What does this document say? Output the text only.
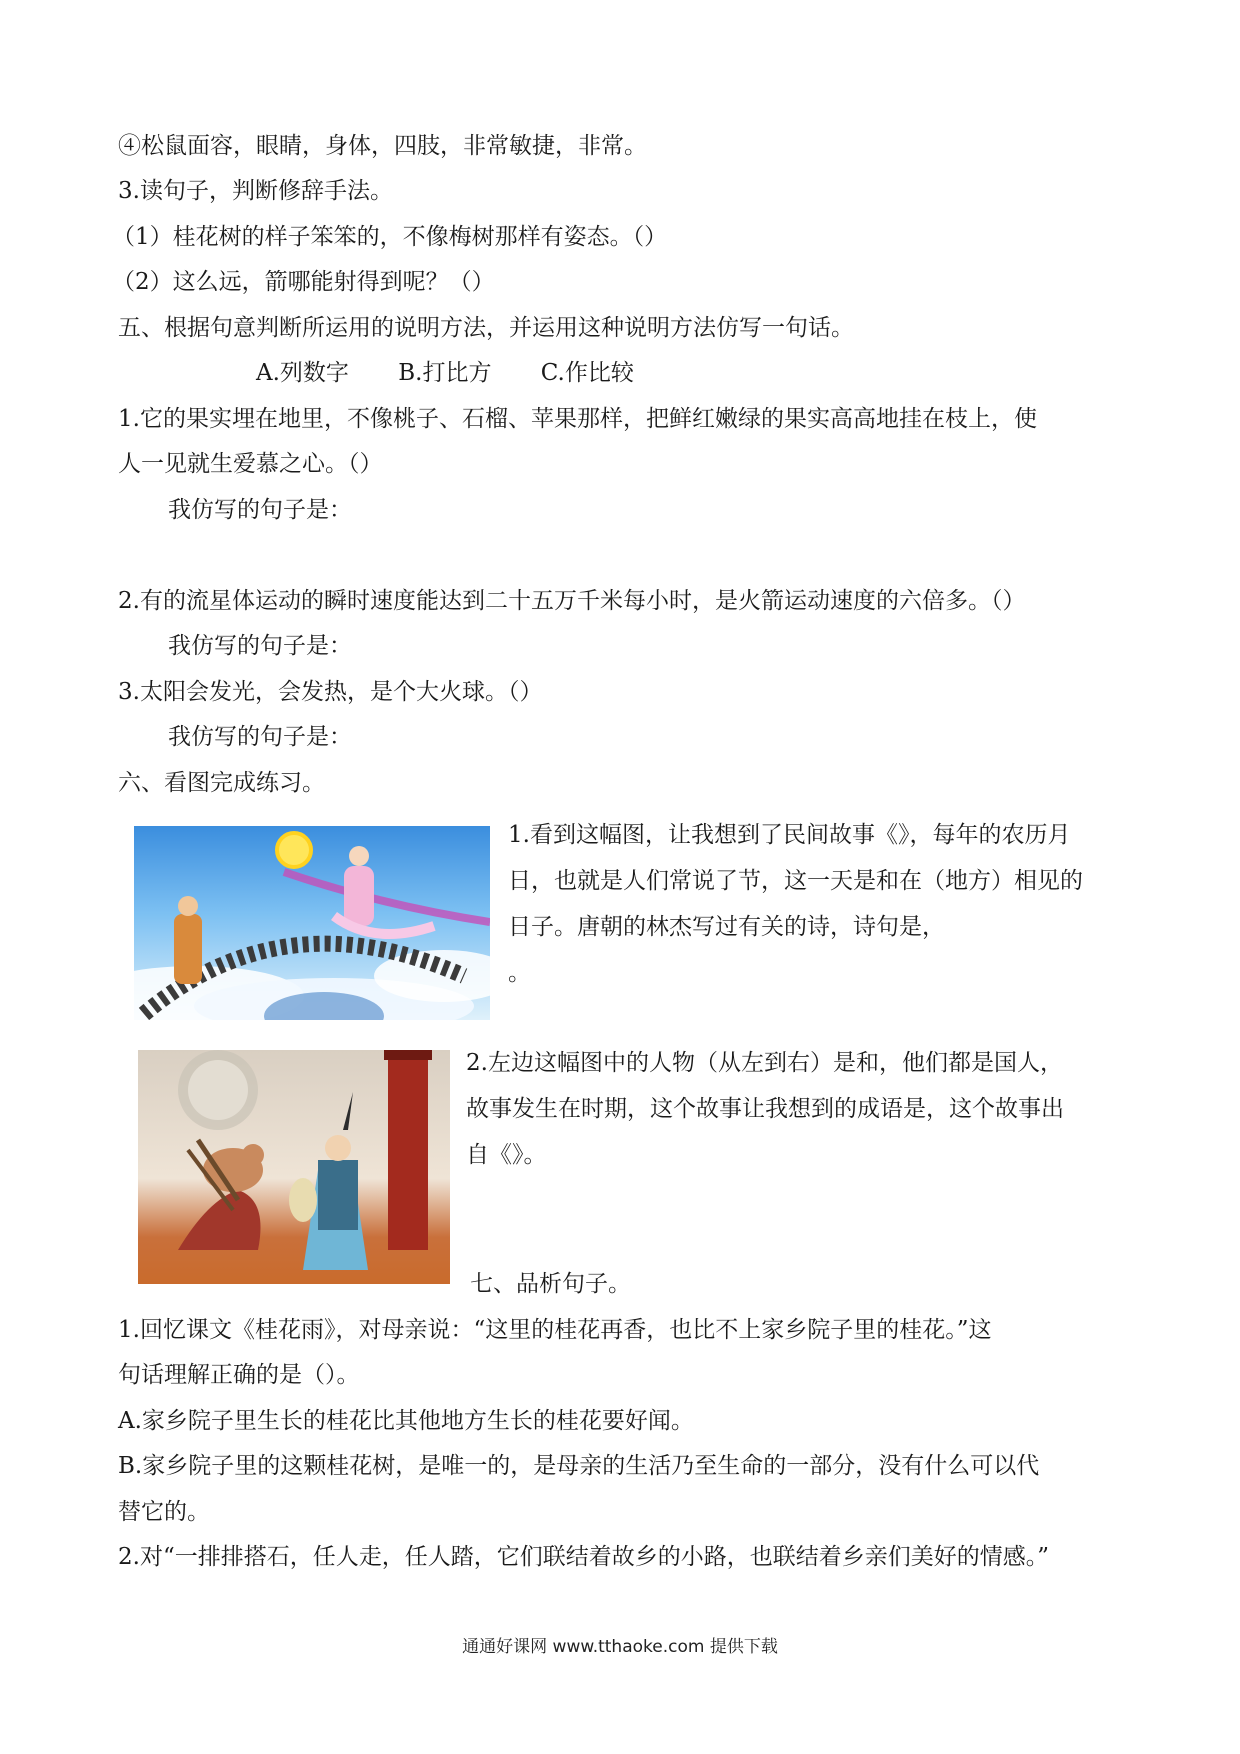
④松鼠面容，眼睛，身体，四肢，非常敏捷，非常。
3.读句子，判断修辞手法。
（1）桂花树的样子笨笨的，不像梅树那样有姿态。（）
（2）这么远，箭哪能射得到呢？（）
五、根据句意判断所运用的说明方法，并运用这种说明方法仿写一句话。
A.列数字 B.打比方 C.作比较
1.它的果实埋在地里，不像桃子、石榴、苹果那样，把鲜红嫩绿的果实高高地挂在枝上，使
人一见就生爱慕之心。（）
我仿写的句子是：
2.有的流星体运动的瞬时速度能达到二十五万千米每小时，是火箭运动速度的六倍多。（）
我仿写的句子是：
3.太阳会发光，会发热，是个大火球。（）
我仿写的句子是：
六、看图完成练习。
1.看到这幅图，让我想到了民间故事《》，每年的农历月
日，也就是人们常说了节，这一天是和在（地方）相见的
日子。唐朝的林杰写过有关的诗，诗句是，
。
2.左边这幅图中的人物（从左到右）是和，他们都是国人，
故事发生在时期，这个故事让我想到的成语是，这个故事出
自《》。
七、品析句子。
1.回忆课文《桂花雨》，对母亲说：“这里的桂花再香，也比不上家乡院子里的桂花。”这
句话理解正确的是（）。
A.家乡院子里生长的桂花比其他地方生长的桂花要好闻。
B.家乡院子里的这颗桂花树，是唯一的，是母亲的生活乃至生命的一部分，没有什么可以代
替它的。
2.对“一排排搭石，任人走，任人踏，它们联结着故乡的小路，也联结着乡亲们美好的情感。”
通通好课网 www.tthaoke.com 提供下载
